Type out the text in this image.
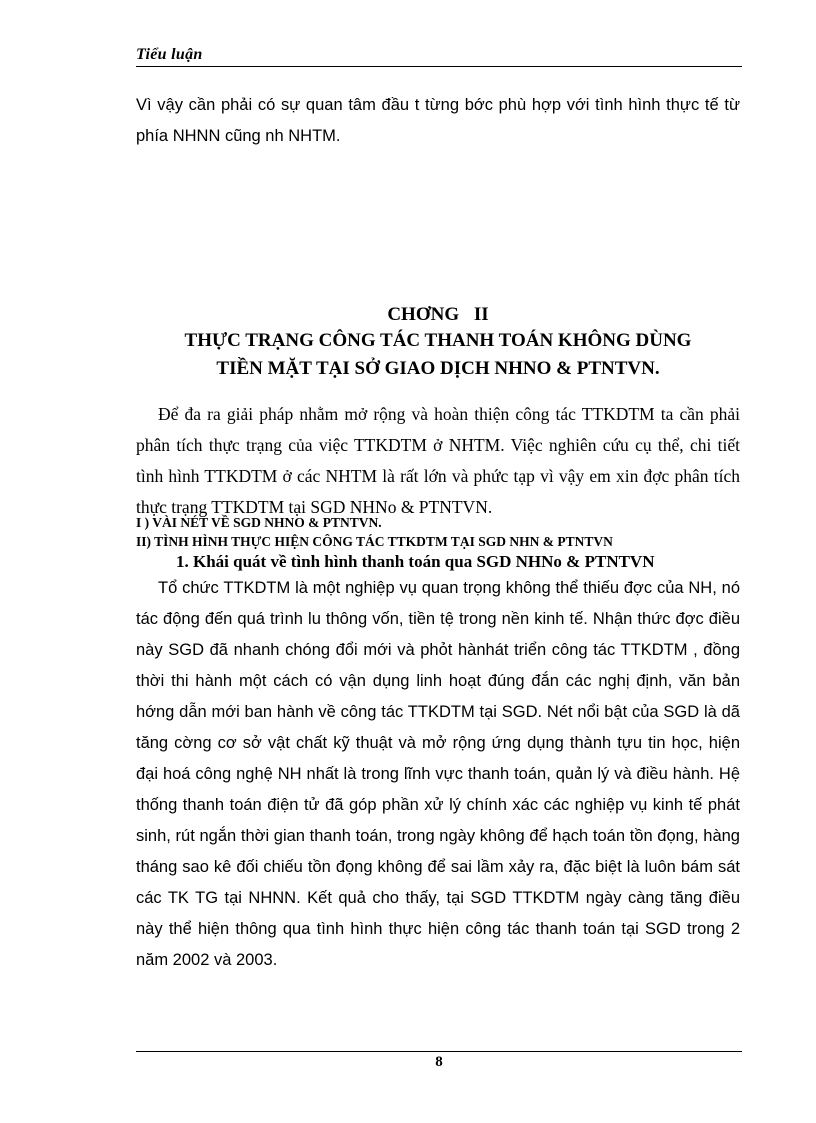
Tiểu luận

Vì vậy cần phải có sự quan tâm đầu t từng bớc phù hợp với tình hình thực tế từ phía NHNN cũng nh NHTM.

CHƠNG II
THỰC TRẠNG CÔNG TÁC THANH TOÁN KHÔNG DÙNG
TIỀN MẶT TẠI SỞ GIAO DỊCH NHNO & PTNTVN.

Để đa ra giải pháp nhằm mở rộng và hoàn thiện công tác TTKDTM ta cần phải phân tích thực trạng của việc TTKDTM ở NHTM. Việc nghiên cứu cụ thể, chi tiết tình hình TTKDTM ở các NHTM là rất lớn và phức tạp vì vậy em xin đợc phân tích thực trạng TTKDTM tại SGD NHNo & PTNTVN.

I ) VÀI NÉT VỀ SGD NHNO & PTNTVN.
II) TÌNH HÌNH THỰC HIỆN CÔNG TÁC TTKDTM TẠI SGD NHN & PTNTVN
1. Khái quát về tình hình thanh toán qua SGD NHNo & PTNTVN

Tổ chức TTKDTM là một nghiệp vụ quan trọng không thể thiếu đợc của NH, nó tác động đến quá trình lu thông vốn, tiền tệ trong nền kinh tế. Nhận thức đợc điều này SGD đã nhanh chóng đổi mới và phỏt hànhát triển công tác TTKDTM , đồng thời thi hành một cách có vận dụng linh hoạt đúng đắn các nghị định, văn bản hớng dẫn mới ban hành về công tác TTKDTM tại SGD. Nét nổi bật của SGD là dã tăng cờng cơ sở vật chất kỹ thuật và mở rộng ứng dụng thành tựu tin học, hiện đại hoá công nghệ NH nhất là trong lĩnh vực thanh toán, quản lý và điều hành. Hệ thống thanh toán điện tử đã góp phần xử lý chính xác các nghiệp vụ kinh tế phát sinh, rút ngắn thời gian thanh toán, trong ngày không để hạch toán tồn đọng, hàng tháng sao kê đối chiếu tồn đọng không để sai lầm xảy ra, đặc biệt là luôn bám sát các TK TG tại NHNN. Kết quả cho thấy, tại SGD TTKDTM ngày càng tăng điều này thể hiện thông qua tình hình thực hiện công tác thanh toán tại SGD trong 2 năm 2002 và 2003.

8
